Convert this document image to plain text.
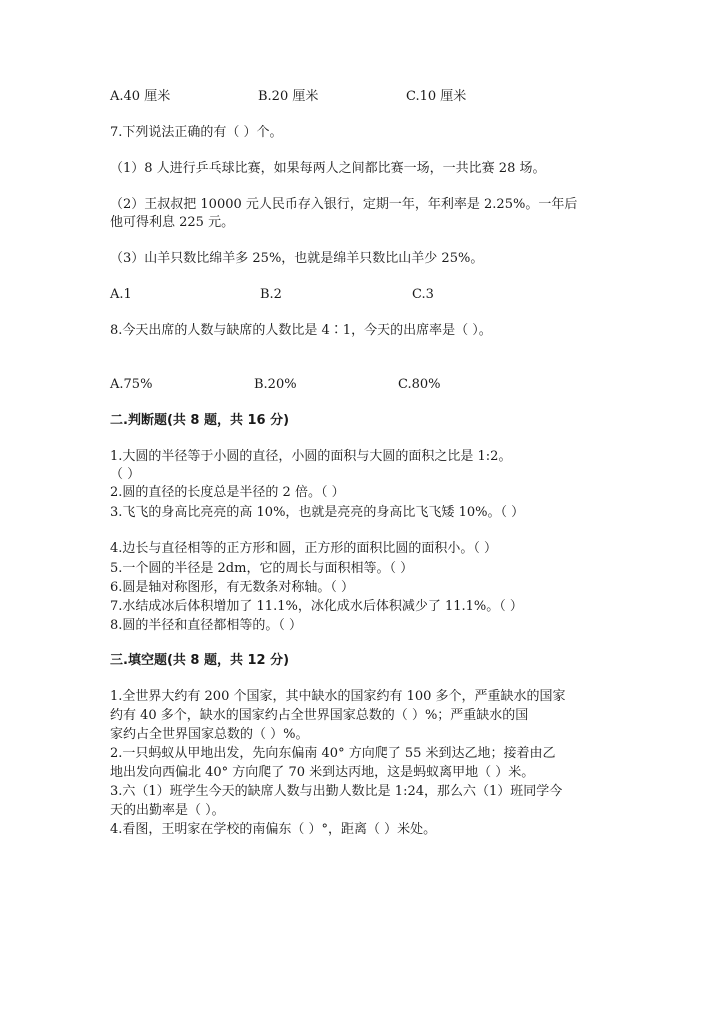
A.40 厘米	B.20 厘米	C.10 厘米
7.下列说法正确的有（ ）个。
（1）8 人进行乒乓球比赛，如果每两人之间都比赛一场，一共比赛 28 场。
（2）王叔叔把 10000 元人民币存入银行，定期一年，年利率是 2.25%。一年后
他可得利息 225 元。
（3）山羊只数比绵羊多 25%，也就是绵羊只数比山羊少 25%。
A.1	B.2	C.3
8.今天出席的人数与缺席的人数比是 4∶1，今天的出席率是（ ）。
A.75%	B.20%	C.80%
二.判断题(共 8 题，共 16 分)
1.大圆的半径等于小圆的直径，小圆的面积与大圆的面积之比是 1:2。
（ ）
2.圆的直径的长度总是半径的 2 倍。（ ）
3.飞飞的身高比亮亮的高 10%，也就是亮亮的身高比飞飞矮 10%。（ ）
4.边长与直径相等的正方形和圆，正方形的面积比圆的面积小。（ ）
5.一个圆的半径是 2dm，它的周长与面积相等。（ ）
6.圆是轴对称图形，有无数条对称轴。（ ）
7.水结成冰后体积增加了 11.1%，冰化成水后体积减少了 11.1%。（ ）
8.圆的半径和直径都相等的。（ ）
三.填空题(共 8 题，共 12 分)
1.全世界大约有 200 个国家，其中缺水的国家约有 100 多个，严重缺水的国家
约有 40 多个，缺水的国家约占全世界国家总数的（ ）%；严重缺水的国
家约占全世界国家总数的（ ）%。
2.一只蚂蚁从甲地出发，先向东偏南 40° 方向爬了 55 米到达乙地；接着由乙
地出发向西偏北 40° 方向爬了 70 米到达丙地，这是蚂蚁离甲地（ ）米。
3.六（1）班学生今天的缺席人数与出勤人数比是 1:24，那么六（1）班同学今
天的出勤率是（ ）。
4.看图，王明家在学校的南偏东（ ）°，距离（ ）米处。
